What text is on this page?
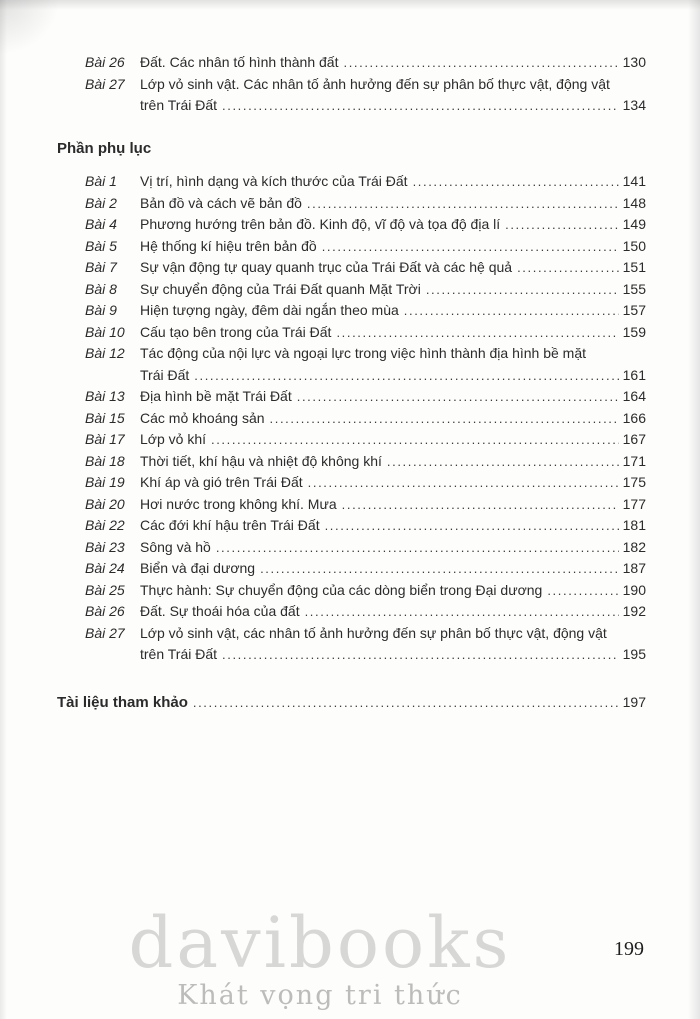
Bài 26	Đất. Các nhân tố hình thành đất .....	130
Bài 27	Lớp vỏ sinh vật. Các nhân tố ảnh hưởng đến sự phân bố thực vật, động vật
trên Trái Đất .....	134
Phần phụ lục
Bài 1	Vị trí, hình dạng và kích thước của Trái Đất .....	141
Bài 2	Bản đồ và cách vẽ bản đồ .....	148
Bài 4	Phương hướng trên bản đồ. Kinh độ, vĩ độ và tọa độ địa lí .....	149
Bài 5	Hệ thống kí hiệu trên bản đồ .....	150
Bài 7	Sự vận động tự quay quanh trục của Trái Đất và các hệ quả .....	151
Bài 8	Sự chuyển động của Trái Đất quanh Mặt Trời .....	155
Bài 9	Hiện tượng ngày, đêm dài ngắn theo mùa .....	157
Bài 10	Cấu tạo bên trong của Trái Đất .....	159
Bài 12	Tác động của nội lực và ngoại lực trong việc hình thành địa hình bề mặt
Trái Đất .....	161
Bài 13	Địa hình bề mặt Trái Đất .....	164
Bài 15	Các mỏ khoáng sản .....	166
Bài 17	Lớp vỏ khí .....	167
Bài 18	Thời tiết, khí hậu và nhiệt độ không khí .....	171
Bài 19	Khí áp và gió trên Trái Đất .....	175
Bài 20	Hơi nước trong không khí. Mưa .....	177
Bài 22	Các đới khí hậu trên Trái Đất .....	181
Bài 23	Sông và hồ .....	182
Bài 24	Biển và đại dương .....	187
Bài 25	Thực hành: Sự chuyển động của các dòng biển trong Đại dương .....	190
Bài 26	Đất. Sự thoái hóa của đất .....	192
Bài 27	Lớp vỏ sinh vật, các nhân tố ảnh hưởng đến sự phân bố thực vật, động vật
trên Trái Đất .....	195
Tài liệu tham khảo .....	197
davibooks
Khát vọng tri thức
199
